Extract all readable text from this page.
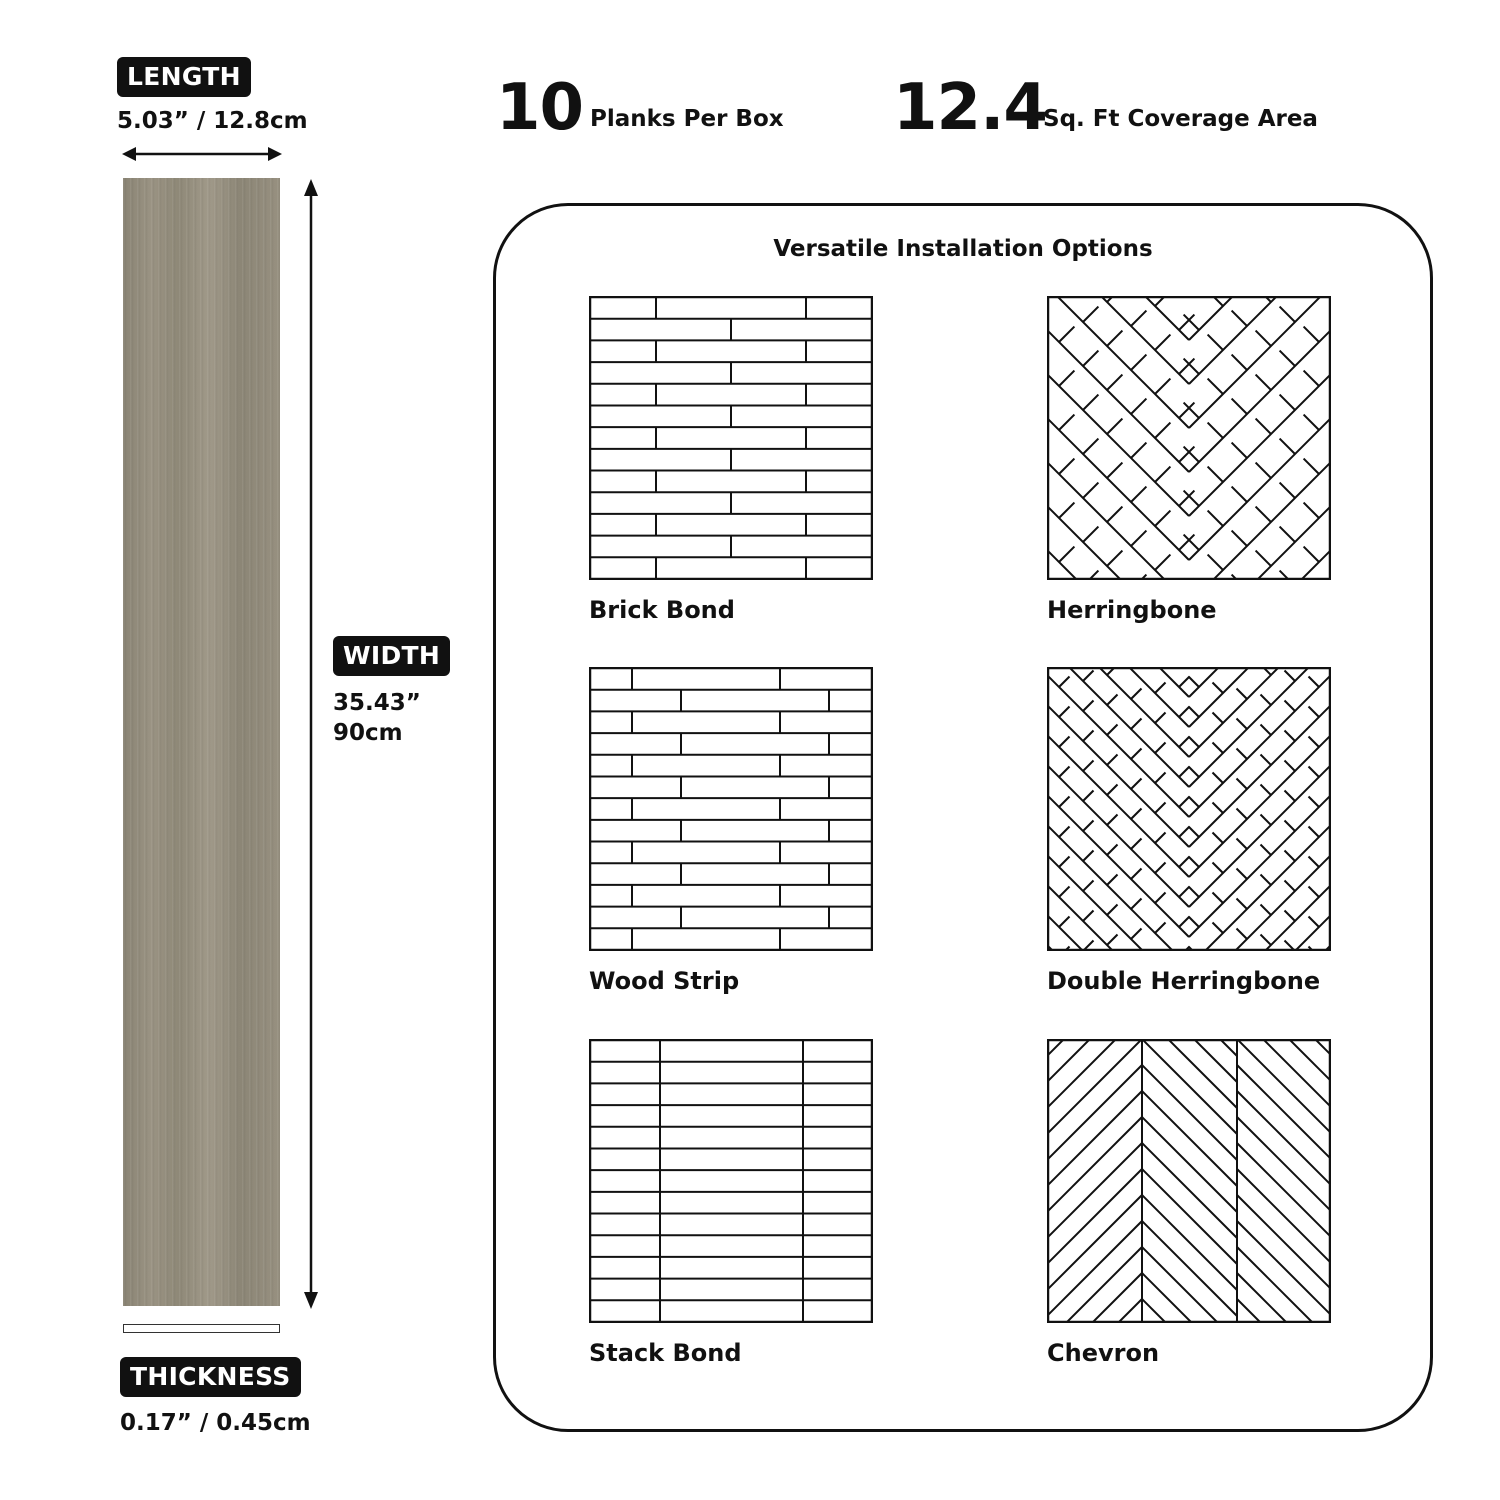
LENGTH
5.03” / 12.8cm
WIDTH
35.43”
90cm
THICKNESS
0.17” / 0.45cm
10 Planks Per Box 12.4
Sq. Ft Coverage Area
Versatile Installation Options
Brick Bond	Herringbone
Wood Strip	Double Herringbone
Stack Bond	Chevron
